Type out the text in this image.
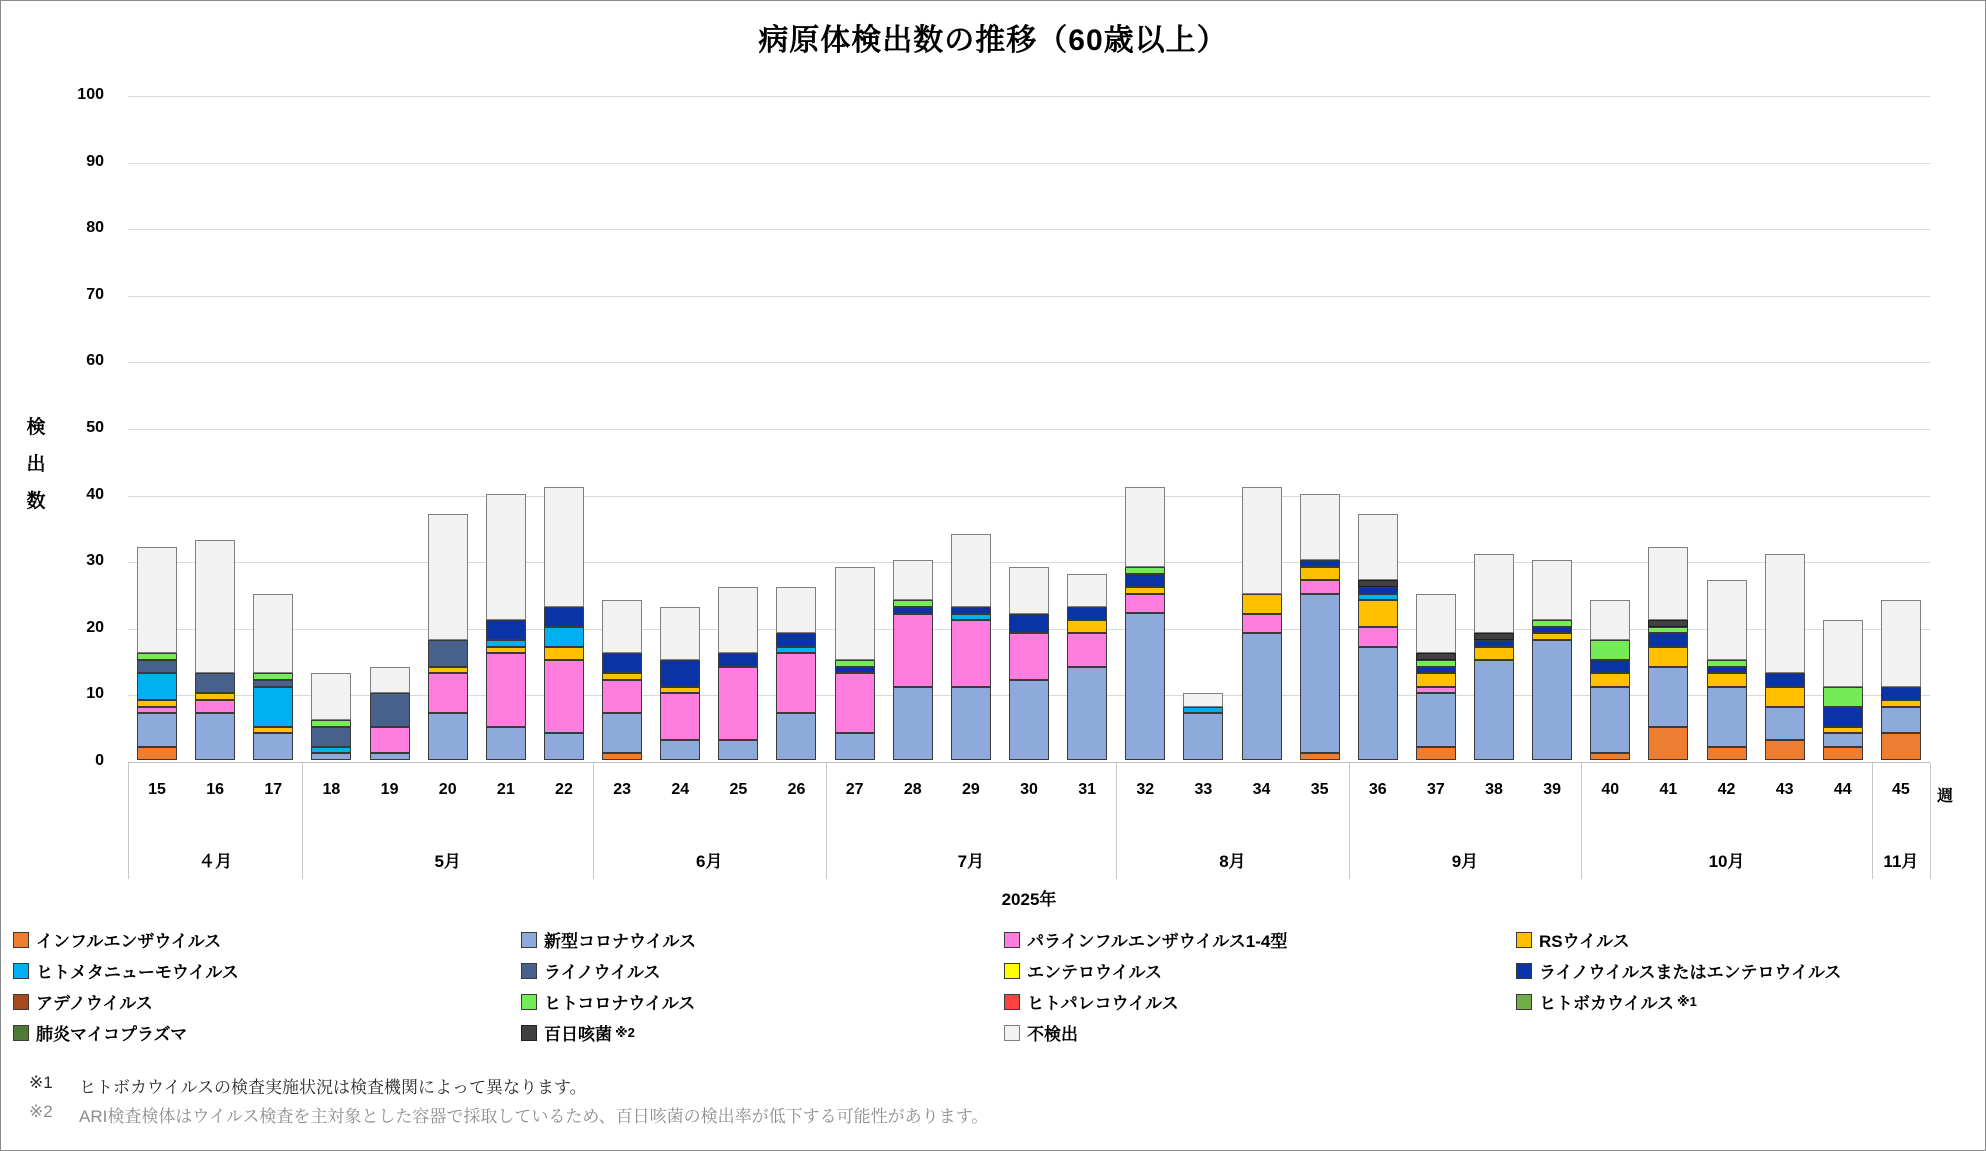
病原体検出数の推移（60歳以上）
検
出
数
週
インフルエンザウイルス
ヒトメタニューモウイルス
アデノウイルス
肺炎マイコプラズマ
新型コロナウイルス
ライノウイルス
ヒトコロナウイルス
百日咳菌 ※2
パラインフルエンザウイルス1-4型
エンテロウイルス
ヒトパレコウイルス
不検出
RSウイルス
ライノウイルスまたはエンテロウイルス
ヒトボカウイルス ※1
※1	ヒトボカウイルスの検査実施状況は検査機関によって異なります。
※2	ARI検査検体はウイルス検査を主対象とした容器で採取しているため、百日咳菌の検出率が低下する可能性があります。
0
10
20
30
40
50
60
70
80
90
100
15	16	17	18	19	20	21	22	23	24	25	26	27	28	29	30	31	32	33	34	35	36	37	38	39	40	41	42	43	44	45
４月	5月	6月	7月	8月	9月	10月	11月
2025年
